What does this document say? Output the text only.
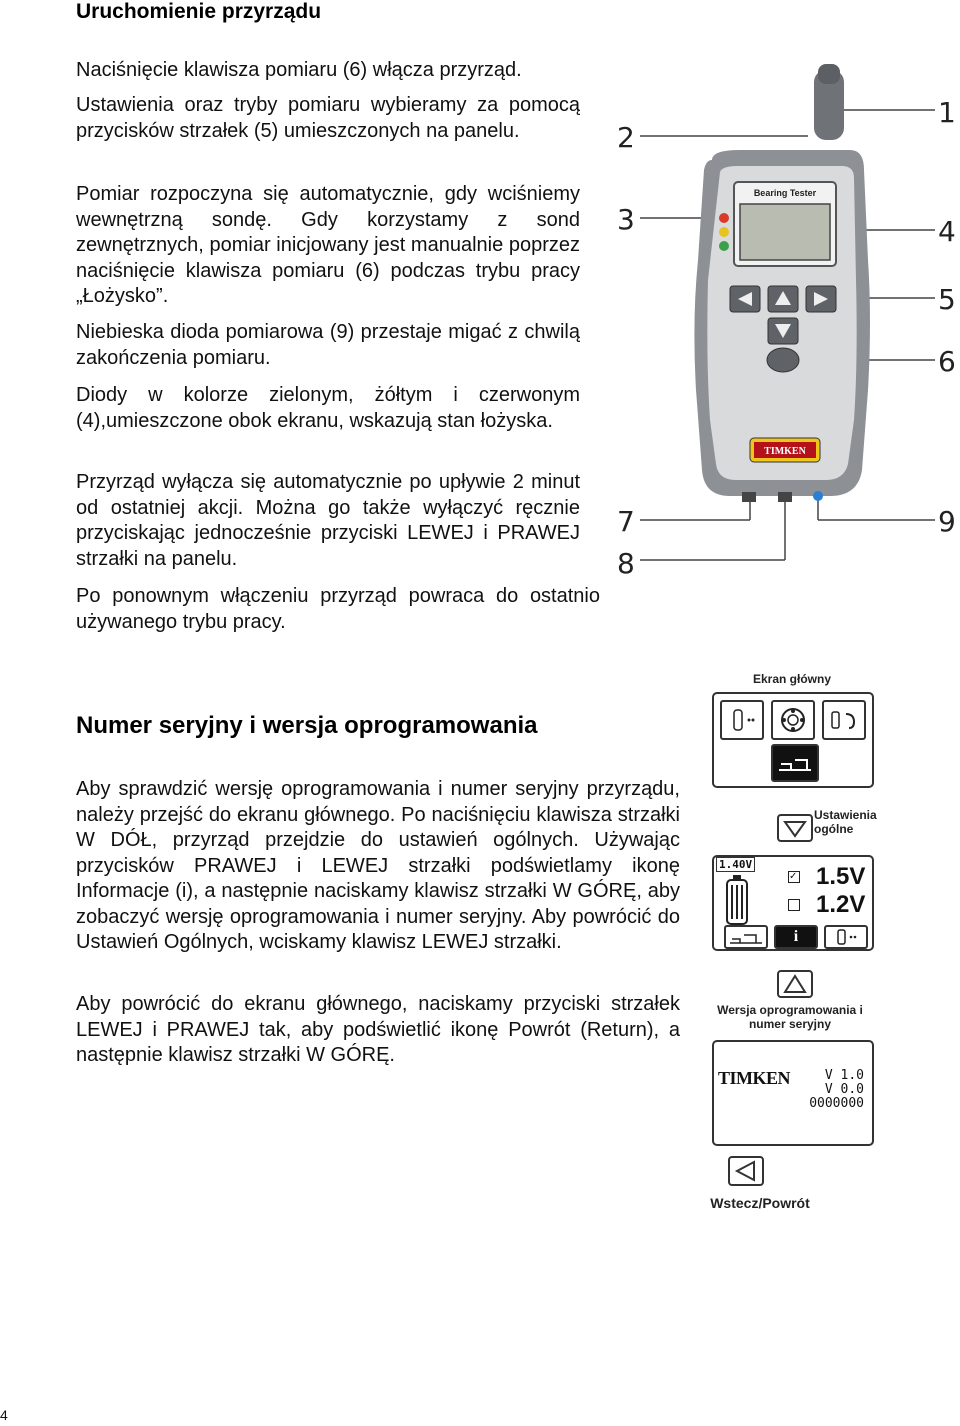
Uruchomienie przyrządu

Naciśnięcie klawisza pomiaru (6) włącza przyrząd.

Ustawienia oraz tryby pomiaru wybieramy za pomocą przycisków strzałek (5) umieszczonych na panelu.

Pomiar rozpoczyna się automatycznie, gdy wciśniemy wewnętrzną sondę. Gdy korzystamy z sond zewnętrznych, pomiar inicjowany jest manualnie poprzez naciśnięcie klawisza pomiaru (6) podczas trybu pracy „Łożysko”.

Niebieska dioda pomiarowa (9) przestaje migać z chwilą zakończenia pomiaru.

Diody w kolorze zielonym, żółtym i czerwonym (4),umieszczone obok ekranu, wskazują stan łożyska.

Przyrząd wyłącza się automatycznie po upływie 2 minut od ostatniej akcji. Można go także wyłączyć ręcznie przyciskając jednocześnie przyciski LEWEJ i PRAWEJ strzałki na panelu.

Po ponownym włączeniu przyrząd powraca do ostatnio używanego trybu pracy.

Bearing Tester
TIMKEN
1
2
3	4
5
6
7
8
9
Numer seryjny i wersja oprogramowania

Aby sprawdzić wersję oprogramowania i numer seryjny przyrządu, należy przejść do ekranu głównego. Po naciśnięciu klawisza strzałki W DÓŁ, przyrząd przejdzie do ustawień ogólnych. Używając przycisków PRAWEJ i LEWEJ strzałki podświetlamy ikonę Informacje (i), a następnie naciskamy klawisz strzałki W GÓRĘ, aby zobaczyć wersję oprogramowania i numer seryjny. Aby powrócić do Ustawień Ogólnych, wciskamy klawisz LEWEJ strzałki.

Aby powrócić do ekranu głównego, naciskamy przyciski strzałek LEWEJ i PRAWEJ tak, aby podświetlić ikonę Powrót (Return), a następnie klawisz strzałki W GÓRĘ.

Ekran główny
Ustawienia ogólne
1.40V
✓ 1.5V
1.2V
i
Wersja oprogramowania i numer seryjny
TIMKEN	V 1.0
V 0.0
0000000
Wstecz/Powrót
4
